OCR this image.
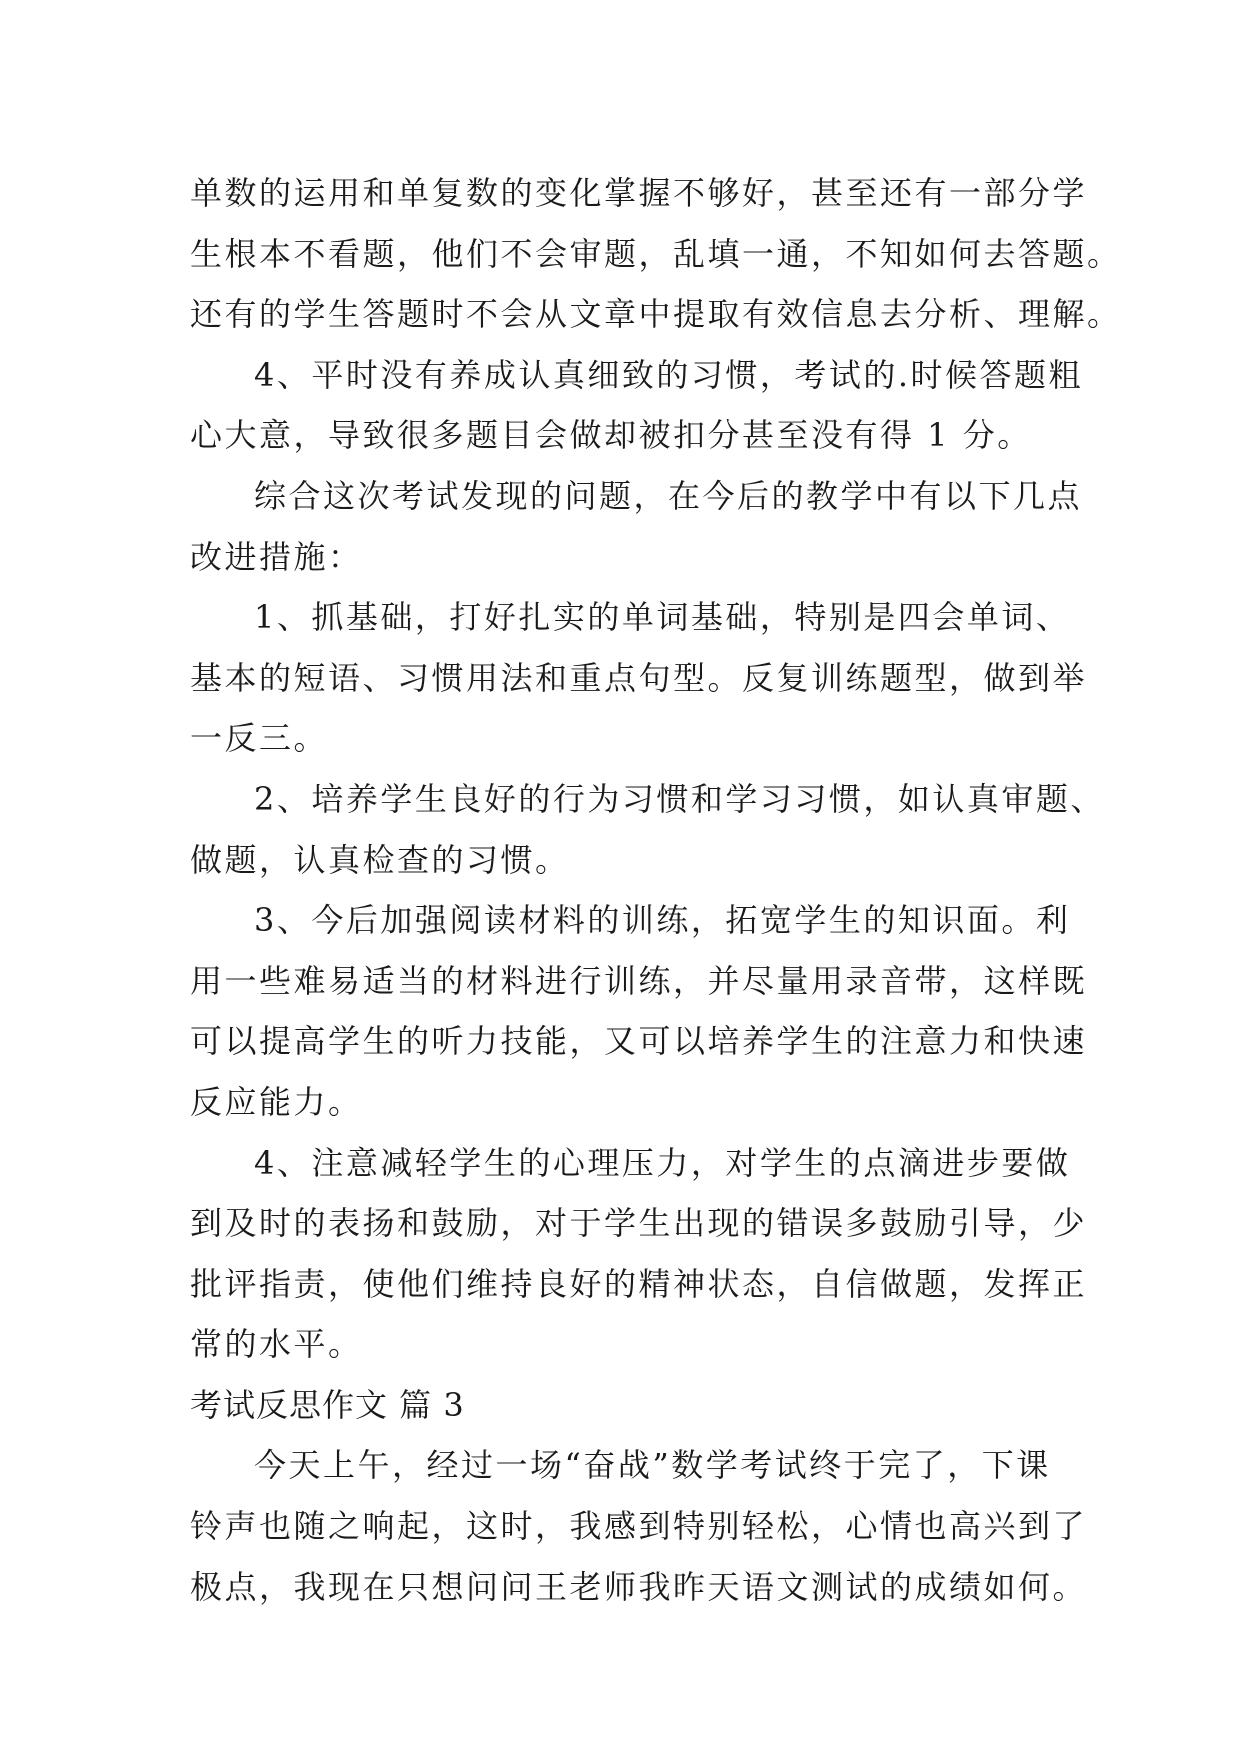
单数的运用和单复数的变化掌握不够好，甚至还有一部分学
生根本不看题，他们不会审题，乱填一通，不知如何去答题。
还有的学生答题时不会从文章中提取有效信息去分析、理解。
4、平时没有养成认真细致的习惯，考试的.时候答题粗
心大意，导致很多题目会做却被扣分甚至没有得 1 分。
综合这次考试发现的问题，在今后的教学中有以下几点
改进措施：
1、抓基础，打好扎实的单词基础，特别是四会单词、
基本的短语、习惯用法和重点句型。反复训练题型，做到举
一反三。
2、培养学生良好的行为习惯和学习习惯，如认真审题、
做题，认真检查的习惯。
3、今后加强阅读材料的训练，拓宽学生的知识面。利
用一些难易适当的材料进行训练，并尽量用录音带，这样既
可以提高学生的听力技能，又可以培养学生的注意力和快速
反应能力。
4、注意减轻学生的心理压力，对学生的点滴进步要做
到及时的表扬和鼓励，对于学生出现的错误多鼓励引导，少
批评指责，使他们维持良好的精神状态，自信做题，发挥正
常的水平。
考试反思作文 篇 3
今天上午，经过一场“奋战”数学考试终于完了，下课
铃声也随之响起，这时，我感到特别轻松，心情也高兴到了
极点，我现在只想问问王老师我昨天语文测试的成绩如何。
